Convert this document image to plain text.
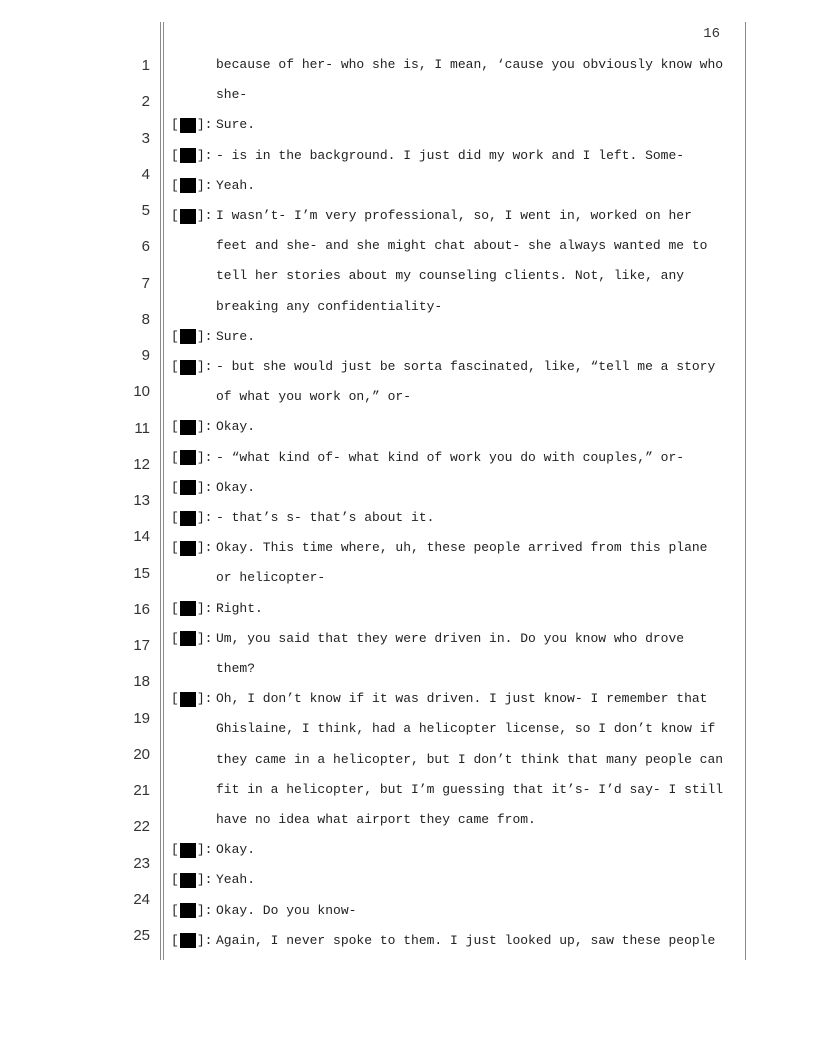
16
1
2
3
4
5
6
7
8
9
10
11
12
13
14
15
16
17
18
19
20
21
22
23
24
25
because of her- who she is, I mean, ‘cause you obviously know who
she-
[ ]: Sure.
[ ]: - is in the background. I just did my work and I left. Some-
[ ]: Yeah.
[ ]: I wasn’t- I’m very professional, so, I went in, worked on her
feet and she- and she might chat about- she always wanted me to
tell her stories about my counseling clients. Not, like, any
breaking any confidentiality-
[ ]: Sure.
[ ]: - but she would just be sorta fascinated, like, “tell me a story
of what you work on,” or-
[ ]: Okay.
[ ]: - “what kind of- what kind of work you do with couples,” or-
[ ]: Okay.
[ ]: - that’s s- that’s about it.
[ ]: Okay. This time where, uh, these people arrived from this plane
or helicopter-
[ ]: Right.
[ ]: Um, you said that they were driven in. Do you know who drove
them?
[ ]: Oh, I don’t know if it was driven. I just know- I remember that
Ghislaine, I think, had a helicopter license, so I don’t know if
they came in a helicopter, but I don’t think that many people can
fit in a helicopter, but I’m guessing that it’s- I’d say- I still
have no idea what airport they came from.
[ ]: Okay.
[ ]: Yeah.
[ ]: Okay. Do you know-
[ ]: Again, I never spoke to them. I just looked up, saw these people
